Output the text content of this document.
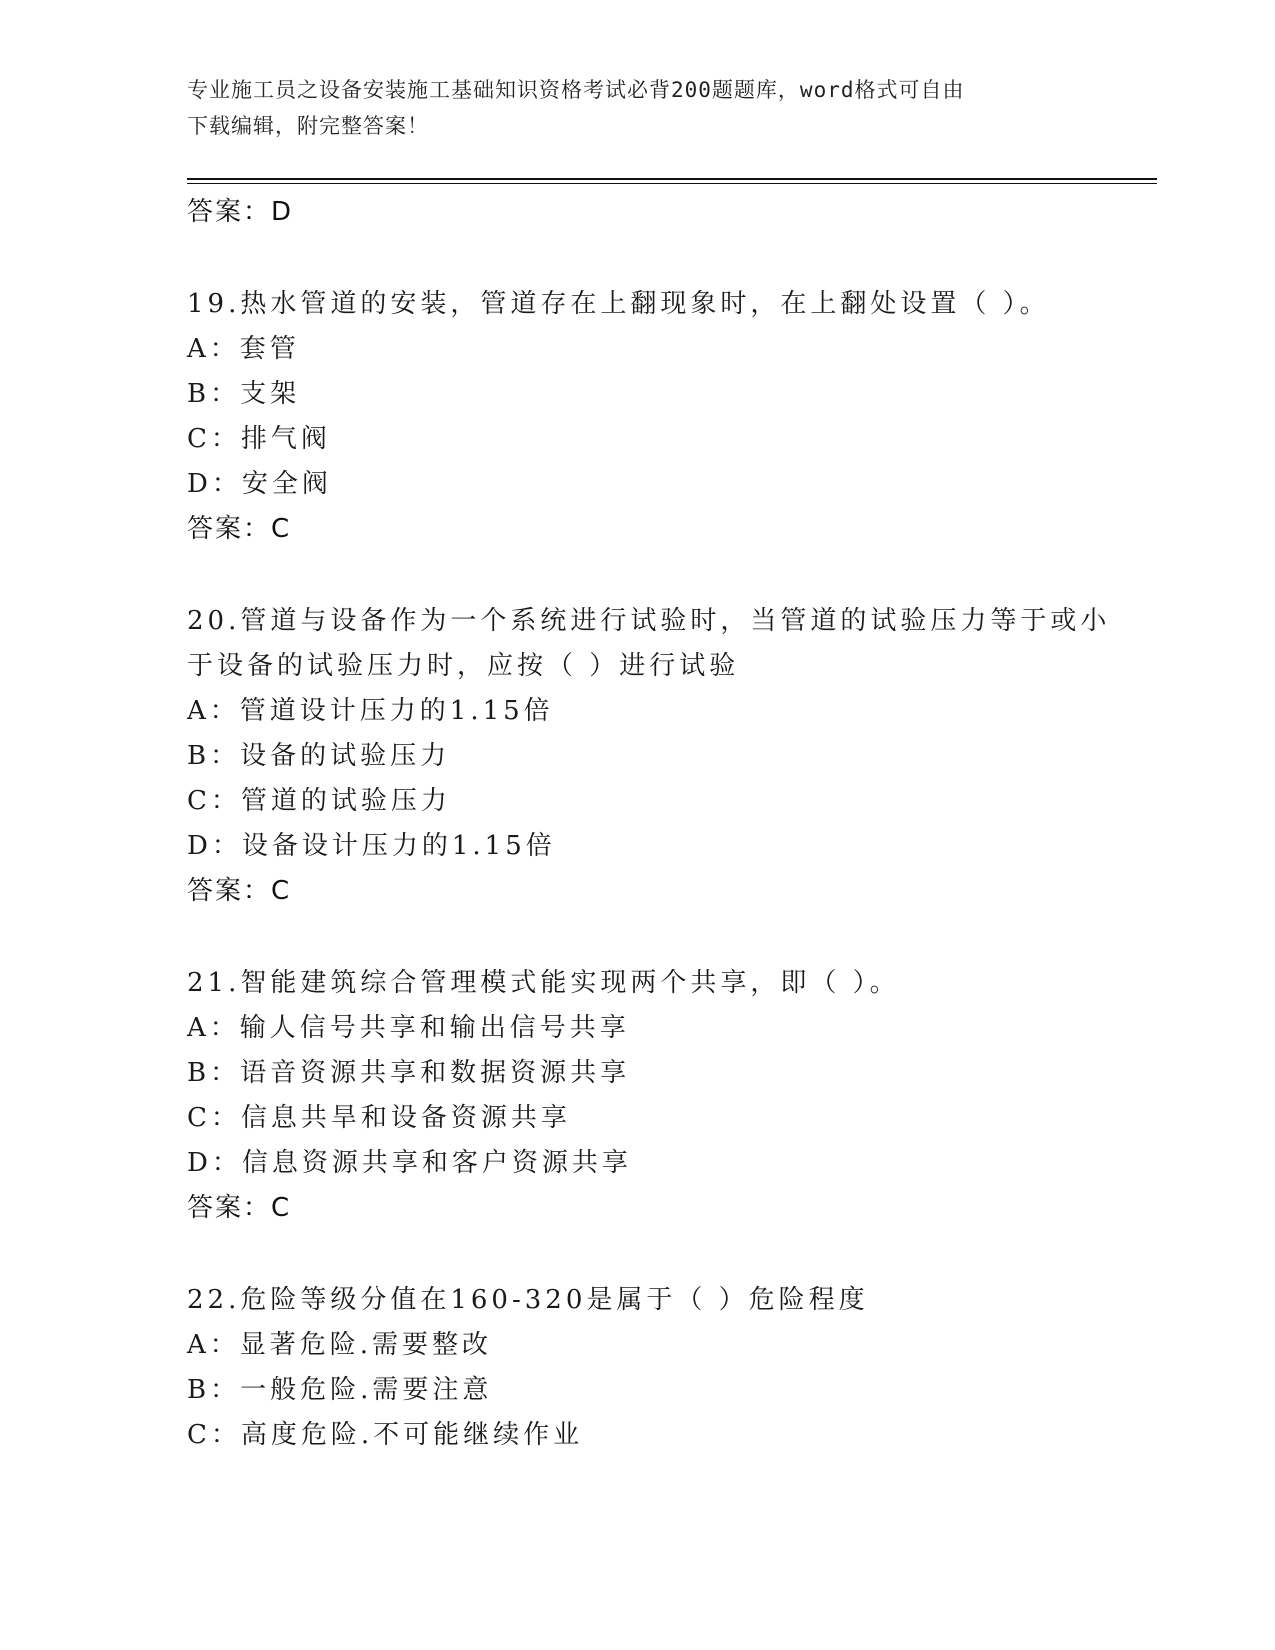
专业施工员之设备安装施工基础知识资格考试必背200题题库，word格式可自由
下载编辑，附完整答案！
答案：D
19.热水管道的安装，管道存在上翻现象时，在上翻处设置（ ）。
A：套管
B：支架
C：排气阀
D：安全阀
答案：C
20.管道与设备作为一个系统进行试验时，当管道的试验压力等于或小
于设备的试验压力时，应按（ ）进行试验
A：管道设计压力的1.15倍
B：设备的试验压力
C：管道的试验压力
D：设备设计压力的1.15倍
答案：C
21.智能建筑综合管理模式能实现两个共享，即（ ）。
A：输人信号共享和输出信号共享
B：语音资源共享和数据资源共享
C：信息共旱和设备资源共享
D：信息资源共享和客户资源共享
答案：C
22.危险等级分值在160-320是属于（ ）危险程度
A：显著危险.需要整改
B：一般危险.需要注意
C：高度危险.不可能继续作业
